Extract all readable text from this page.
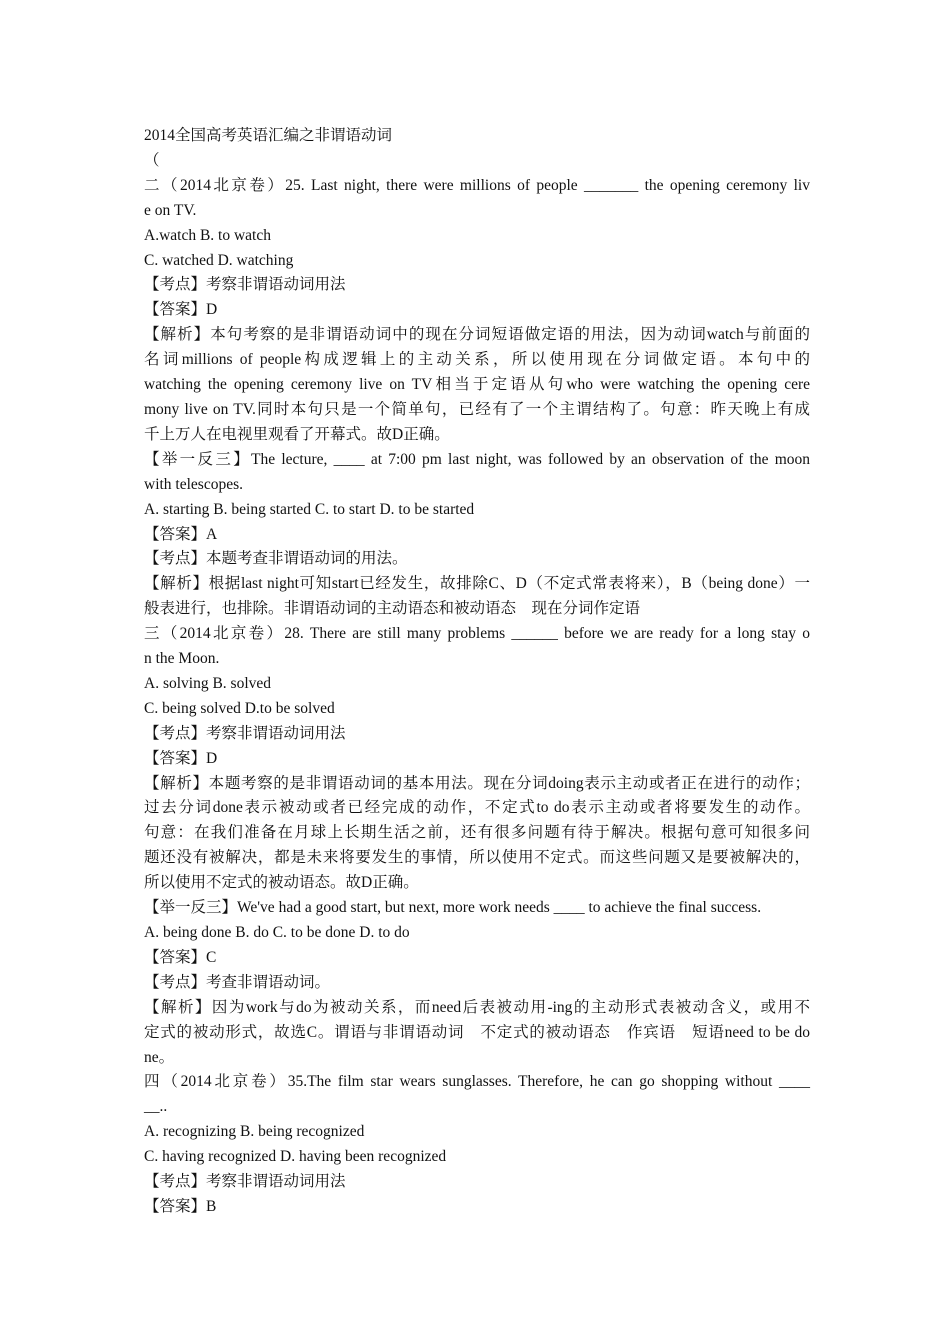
2014全国高考英语汇编之非谓语动词
（
二（2014北京卷）25. Last night, there were millions of people _______ the opening ceremony liv
e on TV.
A.watch B. to watch
C. watched D. watching
【考点】考察非谓语动词用法
【答案】D
【解析】本句考察的是非谓语动词中的现在分词短语做定语的用法，因为动词watch与前面的
名词millions of people构成逻辑上的主动关系，所以使用现在分词做定语。本句中的
watching the opening ceremony live on TV相当于定语从句who were watching the opening cere
mony live on TV.同时本句只是一个简单句，已经有了一个主谓结构了。句意：昨天晚上有成
千上万人在电视里观看了开幕式。故D正确。
【举一反三】The lecture, ____ at 7:00 pm last night, was followed by an observation of the moon
with telescopes.
A. starting B. being started C. to start D. to be started
【答案】A
【考点】本题考查非谓语动词的用法。
【解析】根据last night可知start已经发生，故排除C、D（不定式常表将来），B（being done）一
般表进行，也排除。非谓语动词的主动语态和被动语态　现在分词作定语
三（2014北京卷）28. There are still many problems ______ before we are ready for a long stay o
n the Moon.
A. solving B. solved
C. being solved D.to be solved
【考点】考察非谓语动词用法
【答案】D
【解析】本题考察的是非谓语动词的基本用法。现在分词doing表示主动或者正在进行的动作；
过去分词done表示被动或者已经完成的动作，不定式to do表示主动或者将要发生的动作。
句意：在我们准备在月球上长期生活之前，还有很多问题有待于解决。根据句意可知很多问
题还没有被解决，都是未来将要发生的事情，所以使用不定式。而这些问题又是要被解决的，
所以使用不定式的被动语态。故D正确。
【举一反三】We've had a good start, but next, more work needs ____ to achieve the final success.
A. being done B. do C. to be done D. to do
【答案】C
【考点】考查非谓语动词。
【解析】因为work与do为被动关系，而need后表被动用-ing的主动形式表被动含义，或用不
定式的被动形式，故选C。谓语与非谓语动词　不定式的被动语态　作宾语　短语need to be do
ne。
四（2014北京卷）35.The film star wears sunglasses. Therefore, he can go shopping without ____
__..
A. recognizing B. being recognized
C. having recognized D. having been recognized
【考点】考察非谓语动词用法
【答案】B
